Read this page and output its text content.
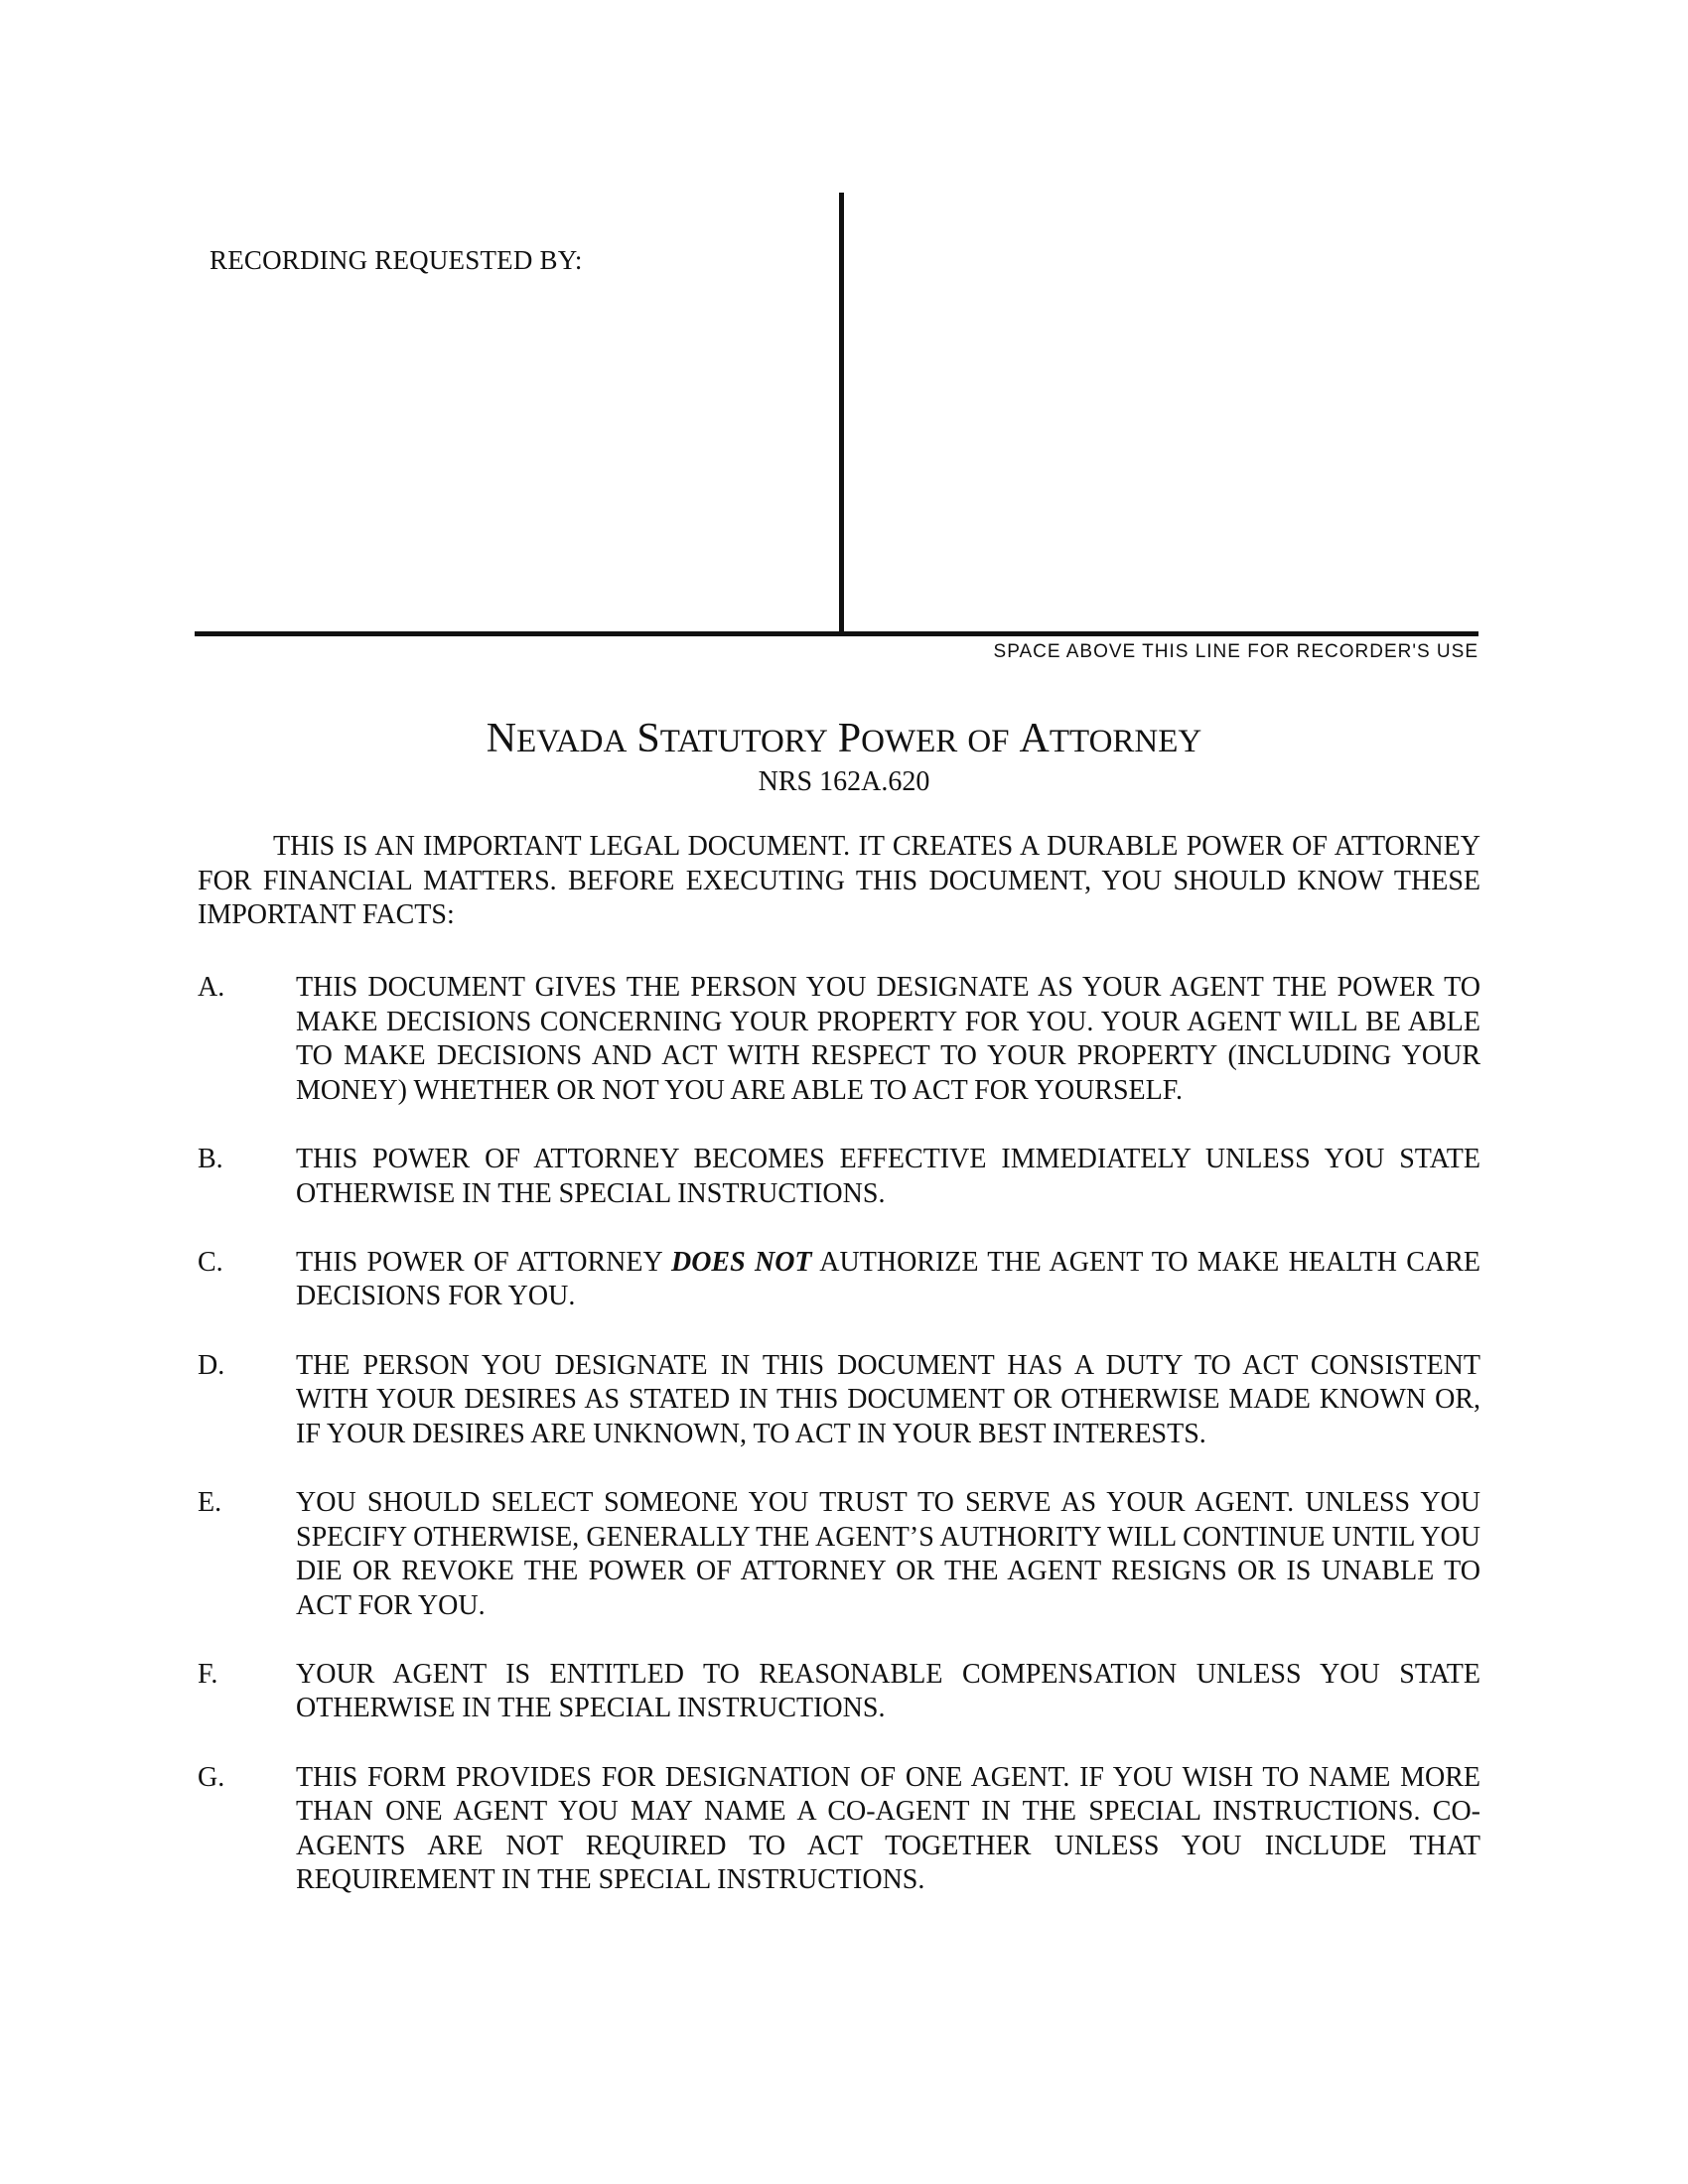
RECORDING REQUESTED BY:
SPACE ABOVE THIS LINE FOR RECORDER'S USE
NEVADA STATUTORY POWER OF ATTORNEY
NRS 162A.620
THIS IS AN IMPORTANT LEGAL DOCUMENT. IT CREATES A DURABLE POWER OF ATTORNEY FOR FINANCIAL MATTERS. BEFORE EXECUTING THIS DOCUMENT, YOU SHOULD KNOW THESE IMPORTANT FACTS:
A.	THIS DOCUMENT GIVES THE PERSON YOU DESIGNATE AS YOUR AGENT THE POWER TO MAKE DECISIONS CONCERNING YOUR PROPERTY FOR YOU. YOUR AGENT WILL BE ABLE TO MAKE DECISIONS AND ACT WITH RESPECT TO YOUR PROPERTY (INCLUDING YOUR MONEY) WHETHER OR NOT YOU ARE ABLE TO ACT FOR YOURSELF.
B.	THIS POWER OF ATTORNEY BECOMES EFFECTIVE IMMEDIATELY UNLESS YOU STATE OTHERWISE IN THE SPECIAL INSTRUCTIONS.
C.	THIS POWER OF ATTORNEY DOES NOT AUTHORIZE THE AGENT TO MAKE HEALTH CARE DECISIONS FOR YOU.
D.	THE PERSON YOU DESIGNATE IN THIS DOCUMENT HAS A DUTY TO ACT CONSISTENT WITH YOUR DESIRES AS STATED IN THIS DOCUMENT OR OTHERWISE MADE KNOWN OR, IF YOUR DESIRES ARE UNKNOWN, TO ACT IN YOUR BEST INTERESTS.
E.	YOU SHOULD SELECT SOMEONE YOU TRUST TO SERVE AS YOUR AGENT. UNLESS YOU SPECIFY OTHERWISE, GENERALLY THE AGENT’S AUTHORITY WILL CONTINUE UNTIL YOU DIE OR REVOKE THE POWER OF ATTORNEY OR THE AGENT RESIGNS OR IS UNABLE TO ACT FOR YOU.
F.	YOUR AGENT IS ENTITLED TO REASONABLE COMPENSATION UNLESS YOU STATE OTHERWISE IN THE SPECIAL INSTRUCTIONS.
G.	THIS FORM PROVIDES FOR DESIGNATION OF ONE AGENT. IF YOU WISH TO NAME MORE THAN ONE AGENT YOU MAY NAME A CO-AGENT IN THE SPECIAL INSTRUCTIONS. CO-AGENTS ARE NOT REQUIRED TO ACT TOGETHER UNLESS YOU INCLUDE THAT REQUIREMENT IN THE SPECIAL INSTRUCTIONS.
